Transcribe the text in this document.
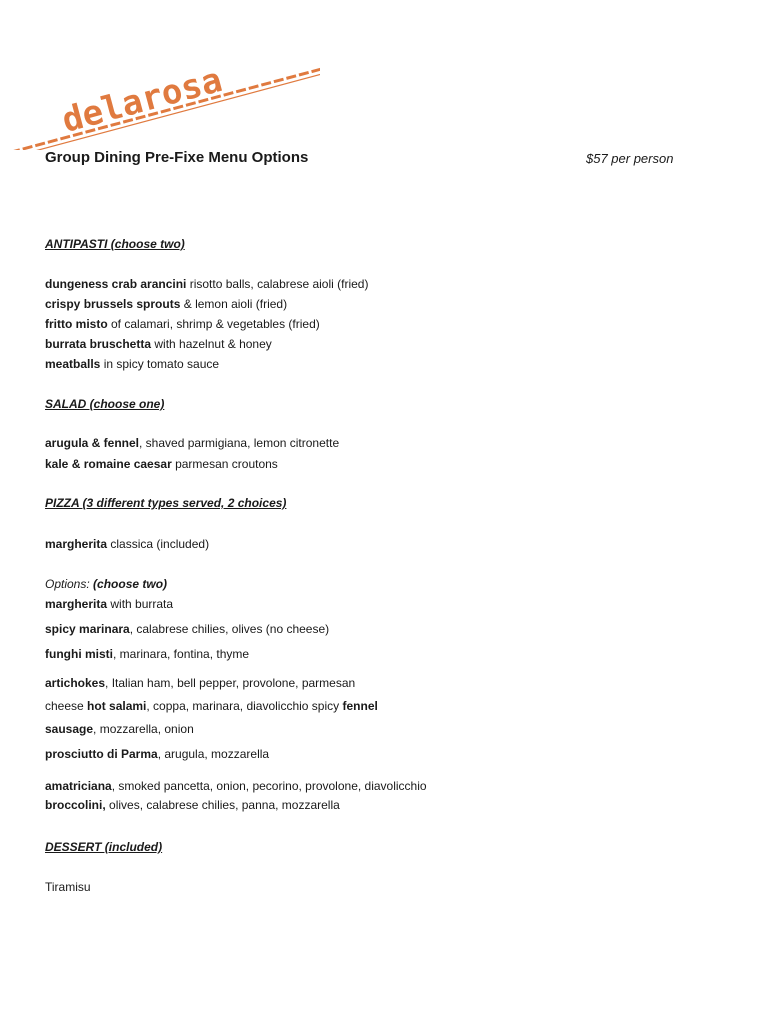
delarosa
Group Dining Pre-Fixe Menu Options	$57 per person
ANTIPASTI (choose two)
dungeness crab arancini risotto balls, calabrese aioli (fried)
crispy brussels sprouts & lemon aioli (fried)
fritto misto of calamari, shrimp & vegetables (fried)
burrata bruschetta with hazelnut & honey
meatballs in spicy tomato sauce
SALAD (choose one)
arugula & fennel, shaved parmigiana, lemon citronette
kale & romaine caesar parmesan croutons
PIZZA (3 different types served, 2 choices)
margherita classica (included)
Options: (choose two)
margherita with burrata
spicy marinara, calabrese chilies, olives (no cheese)
funghi misti, marinara, fontina, thyme
artichokes, Italian ham, bell pepper, provolone, parmesan
cheese hot salami, coppa, marinara, diavolicchio spicy fennel
sausage, mozzarella, onion
prosciutto di Parma, arugula, mozzarella
amatriciana, smoked pancetta, onion, pecorino, provolone, diavolicchio
broccolini, olives, calabrese chilies, panna, mozzarella
DESSERT (included)
Tiramisu
